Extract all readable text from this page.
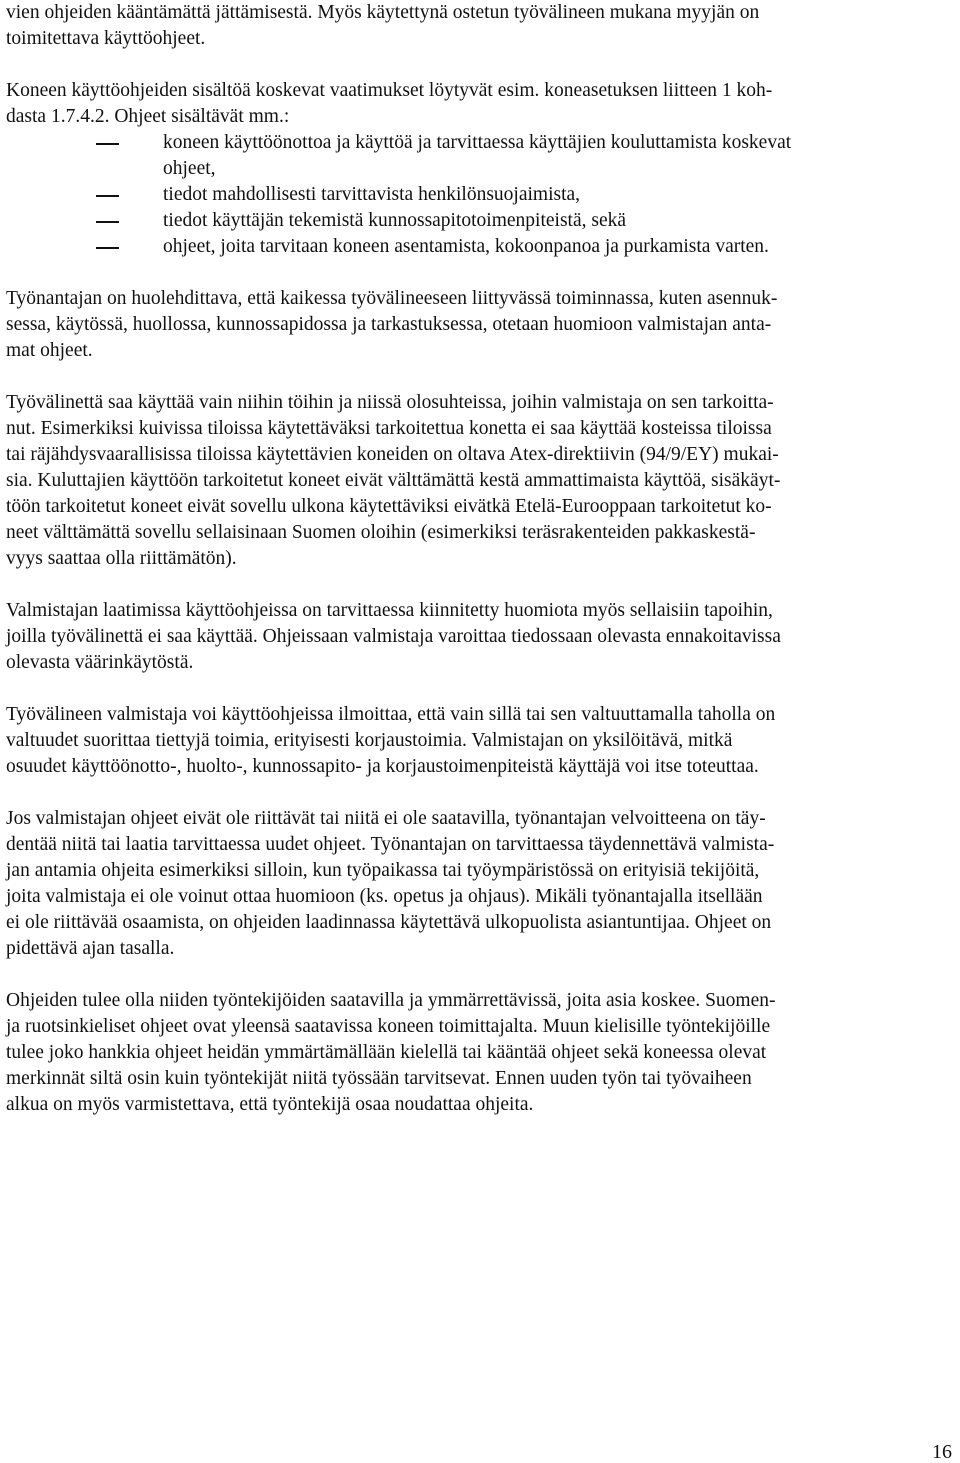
vien ohjeiden kääntämättä jättämisestä. Myös käytettynä ostetun työvälineen mukana myyjän on
toimitettava käyttöohjeet.

Koneen käyttöohjeiden sisältöä koskevat vaatimukset löytyvät esim. koneasetuksen liitteen 1 koh-
dasta 1.7.4.2. Ohjeet sisältävät mm.:

koneen käyttöönottoa ja käyttöä ja tarvittaessa käyttäjien kouluttamista koskevat
ohjeet,
tiedot mahdollisesti tarvittavista henkilönsuojaimista,
tiedot käyttäjän tekemistä kunnossapitotoimenpiteistä, sekä
ohjeet, joita tarvitaan koneen asentamista, kokoonpanoa ja purkamista varten.

Työnantajan on huolehdittava, että kaikessa työvälineeseen liittyvässä toiminnassa, kuten asennuk-
sessa, käytössä, huollossa, kunnossapidossa ja tarkastuksessa, otetaan huomioon valmistajan anta-
mat ohjeet.

Työvälinettä saa käyttää vain niihin töihin ja niissä olosuhteissa, joihin valmistaja on sen tarkoitta-
nut. Esimerkiksi kuivissa tiloissa käytettäväksi tarkoitettua konetta ei saa käyttää kosteissa tiloissa
tai räjähdysvaarallisissa tiloissa käytettävien koneiden on oltava Atex-direktiivin (94/9/EY) mukai-
sia. Kuluttajien käyttöön tarkoitetut koneet eivät välttämättä kestä ammattimaista käyttöä, sisäkäyt-
töön tarkoitetut koneet eivät sovellu ulkona käytettäviksi eivätkä Etelä-Eurooppaan tarkoitetut ko-
neet välttämättä sovellu sellaisinaan Suomen oloihin (esimerkiksi teräsrakenteiden pakkaskestä-
vyys saattaa olla riittämätön).

Valmistajan laatimissa käyttöohjeissa on tarvittaessa kiinnitetty huomiota myös sellaisiin tapoihin,
joilla työvälinettä ei saa käyttää. Ohjeissaan valmistaja varoittaa tiedossaan olevasta ennakoitavissa
olevasta väärinkäytöstä.

Työvälineen valmistaja voi käyttöohjeissa ilmoittaa, että vain sillä tai sen valtuuttamalla taholla on
valtuudet suorittaa tiettyjä toimia, erityisesti korjaustoimia. Valmistajan on yksilöitävä, mitkä
osuudet käyttöönotto-, huolto-, kunnossapito- ja korjaustoimenpiteistä käyttäjä voi itse toteuttaa.

Jos valmistajan ohjeet eivät ole riittävät tai niitä ei ole saatavilla, työnantajan velvoitteena on täy-
dentää niitä tai laatia tarvittaessa uudet ohjeet. Työnantajan on tarvittaessa täydennettävä valmista-
jan antamia ohjeita esimerkiksi silloin, kun työpaikassa tai työympäristössä on erityisiä tekijöitä,
joita valmistaja ei ole voinut ottaa huomioon (ks. opetus ja ohjaus). Mikäli työnantajalla itsellään
ei ole riittävää osaamista, on ohjeiden laadinnassa käytettävä ulkopuolista asiantuntijaa. Ohjeet on
pidettävä ajan tasalla.

Ohjeiden tulee olla niiden työntekijöiden saatavilla ja ymmärrettävissä, joita asia koskee. Suomen-
ja ruotsinkieliset ohjeet ovat yleensä saatavissa koneen toimittajalta. Muun kielisille työntekijöille
tulee joko hankkia ohjeet heidän ymmärtämällään kielellä tai kääntää ohjeet sekä koneessa olevat
merkinnät siltä osin kuin työntekijät niitä työssään tarvitsevat. Ennen uuden työn tai työvaiheen
alkua on myös varmistettava, että työntekijä osaa noudattaa ohjeita.

16
